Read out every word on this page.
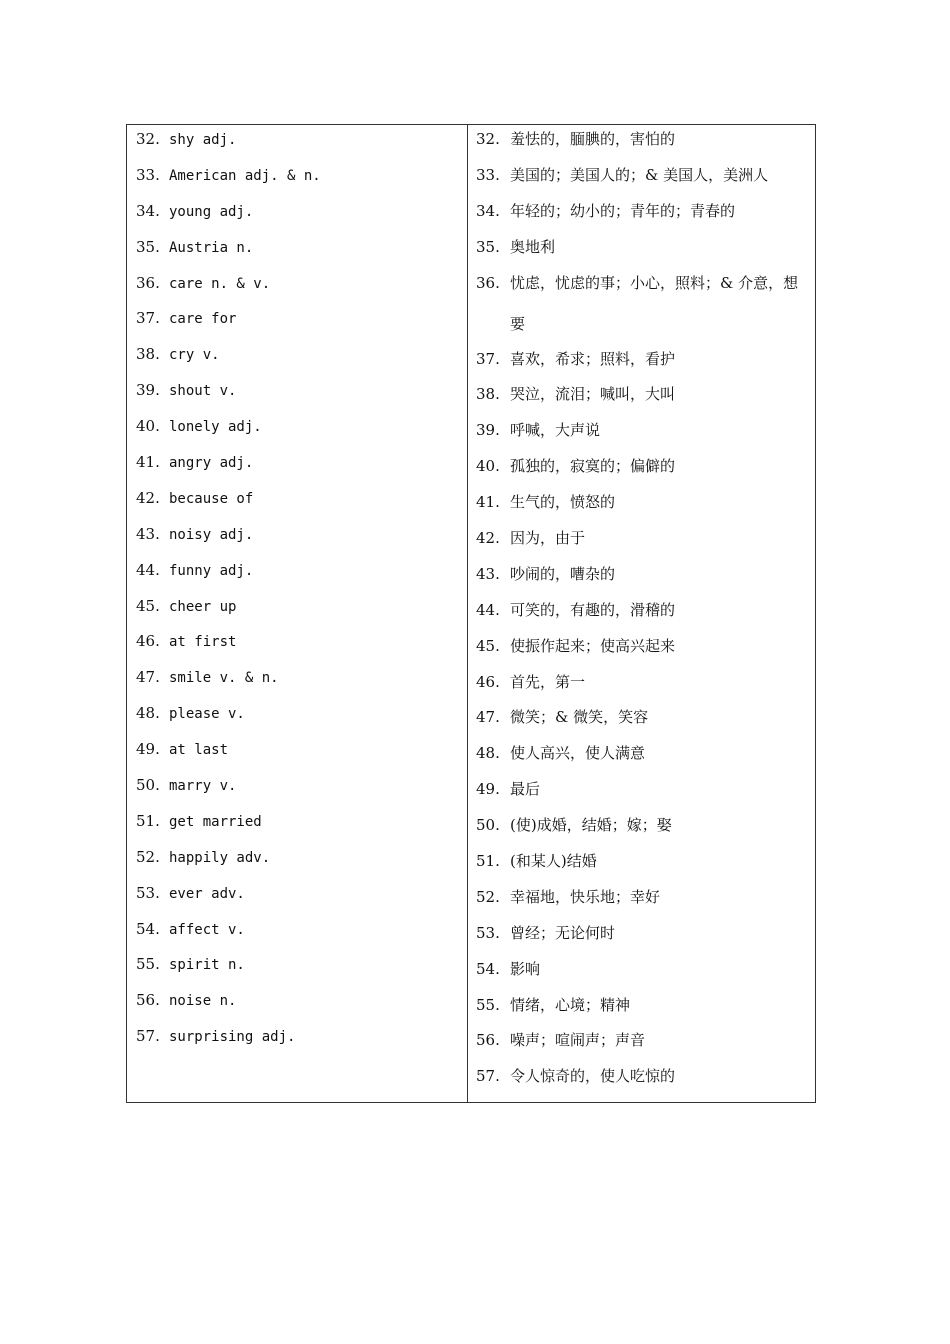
32. shy adj.
33. American adj. & n.
34. young adj.
35. Austria n.
36. care n. & v.
37. care for
38. cry v.
39. shout v.
40. lonely adj.
41. angry adj.
42. because of
43. noisy adj.
44. funny adj.
45. cheer up
46. at first
47. smile v. & n.
48. please v.
49. at last
50. marry v.
51. get married
52. happily adv.
53. ever adv.
54. affect v.
55. spirit n.
56. noise n.
57. surprising adj.
32. 羞怯的，腼腆的，害怕的
33. 美国的；美国人的；& 美国人，美洲人
34. 年轻的；幼小的；青年的；青春的
35. 奥地利
36. 忧虑，忧虑的事；小心，照料；& 介意，想要
37. 喜欢，希求；照料，看护
38. 哭泣，流泪；喊叫，大叫
39. 呼喊，大声说
40. 孤独的，寂寞的；偏僻的
41. 生气的，愤怒的
42. 因为，由于
43. 吵闹的，嘈杂的
44. 可笑的，有趣的，滑稽的
45. 使振作起来；使高兴起来
46. 首先，第一
47. 微笑；& 微笑，笑容
48. 使人高兴，使人满意
49. 最后
50. (使)成婚，结婚；嫁；娶
51. (和某人)结婚
52. 幸福地，快乐地；幸好
53. 曾经；无论何时
54. 影响
55. 情绪，心境；精神
56. 噪声；喧闹声；声音
57. 令人惊奇的，使人吃惊的
